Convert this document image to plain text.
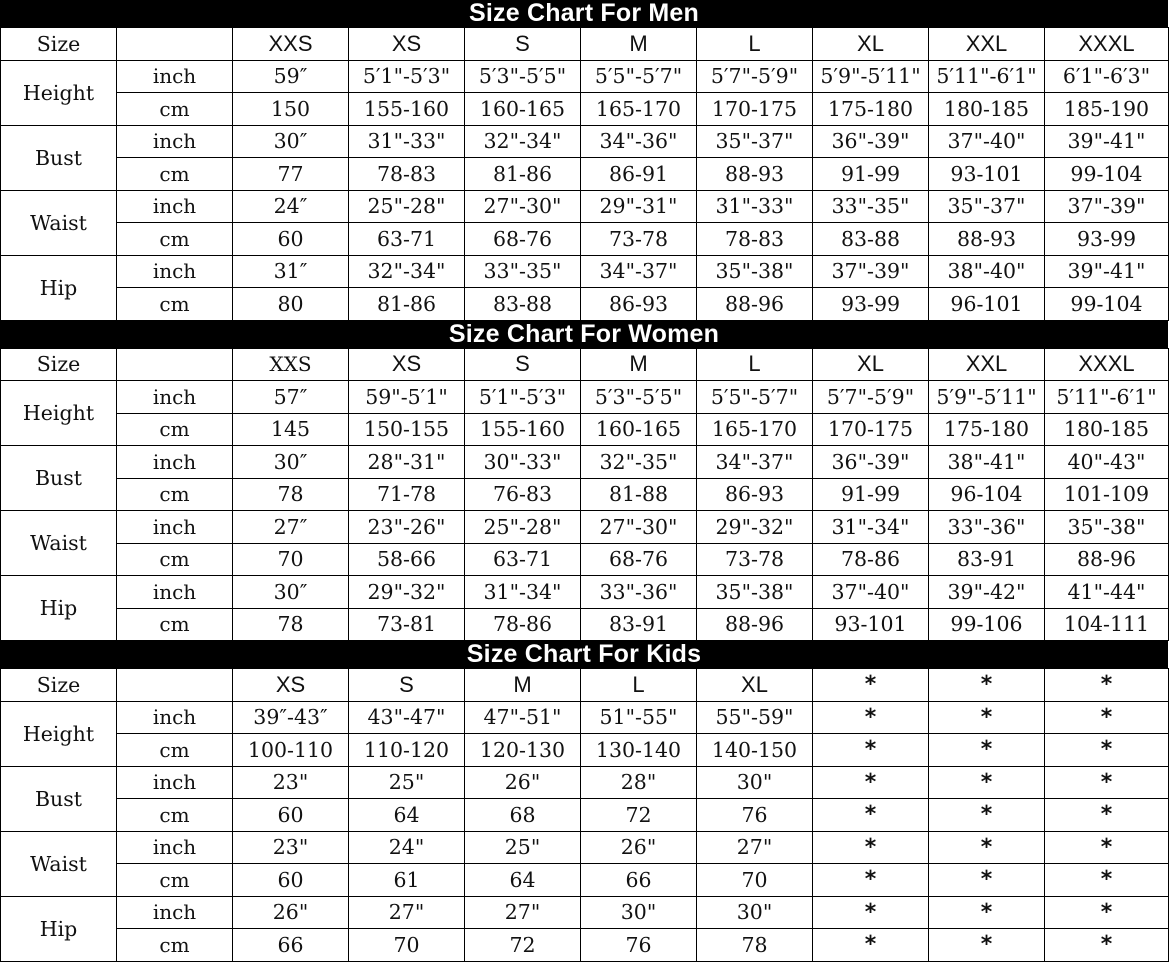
Size Chart For Men
Size		XXS	XS	S	M	L	XL	XXL	XXXL
Height	inch	59″	5′1"-5′3"	5′3"-5′5"	5′5"-5′7"	5′7"-5′9"	5′9"-5′11"	5′11"-6′1"	6′1"-6′3"
	cm	150	155-160	160-165	165-170	170-175	175-180	180-185	185-190
Bust	inch	30″	31"-33"	32"-34"	34"-36"	35"-37"	36"-39"	37"-40"	39"-41"
	cm	77	78-83	81-86	86-91	88-93	91-99	93-101	99-104
Waist	inch	24″	25"-28"	27"-30"	29"-31"	31"-33"	33"-35"	35"-37"	37"-39"
	cm	60	63-71	68-76	73-78	78-83	83-88	88-93	93-99
Hip	inch	31″	32"-34"	33"-35"	34"-37"	35"-38"	37"-39"	38"-40"	39"-41"
	cm	80	81-86	83-88	86-93	88-96	93-99	96-101	99-104
Size Chart For Women
Size		XXS	XS	S	M	L	XL	XXL	XXXL
Height	inch	57″	59"-5′1"	5′1"-5′3"	5′3"-5′5"	5′5"-5′7"	5′7"-5′9"	5′9"-5′11"	5′11"-6′1"
	cm	145	150-155	155-160	160-165	165-170	170-175	175-180	180-185
Bust	inch	30″	28"-31"	30"-33"	32"-35"	34"-37"	36"-39"	38"-41"	40"-43"
	cm	78	71-78	76-83	81-88	86-93	91-99	96-104	101-109
Waist	inch	27″	23"-26"	25"-28"	27"-30"	29"-32"	31"-34"	33"-36"	35"-38"
	cm	70	58-66	63-71	68-76	73-78	78-86	83-91	88-96
Hip	inch	30″	29"-32"	31"-34"	33"-36"	35"-38"	37"-40"	39"-42"	41"-44"
	cm	78	73-81	78-86	83-91	88-96	93-101	99-106	104-111
Size Chart For Kids
Size		XS	S	M	L	XL	*	*	*
Height	inch	39″-43″	43"-47"	47"-51"	51"-55"	55"-59"	*	*	*
	cm	100-110	110-120	120-130	130-140	140-150	*	*	*
Bust	inch	23"	25"	26"	28"	30"	*	*	*
	cm	60	64	68	72	76	*	*	*
Waist	inch	23"	24"	25"	26"	27"	*	*	*
	cm	60	61	64	66	70	*	*	*
Hip	inch	26"	27"	27"	30"	30"	*	*	*
	cm	66	70	72	76	78	*	*	*
